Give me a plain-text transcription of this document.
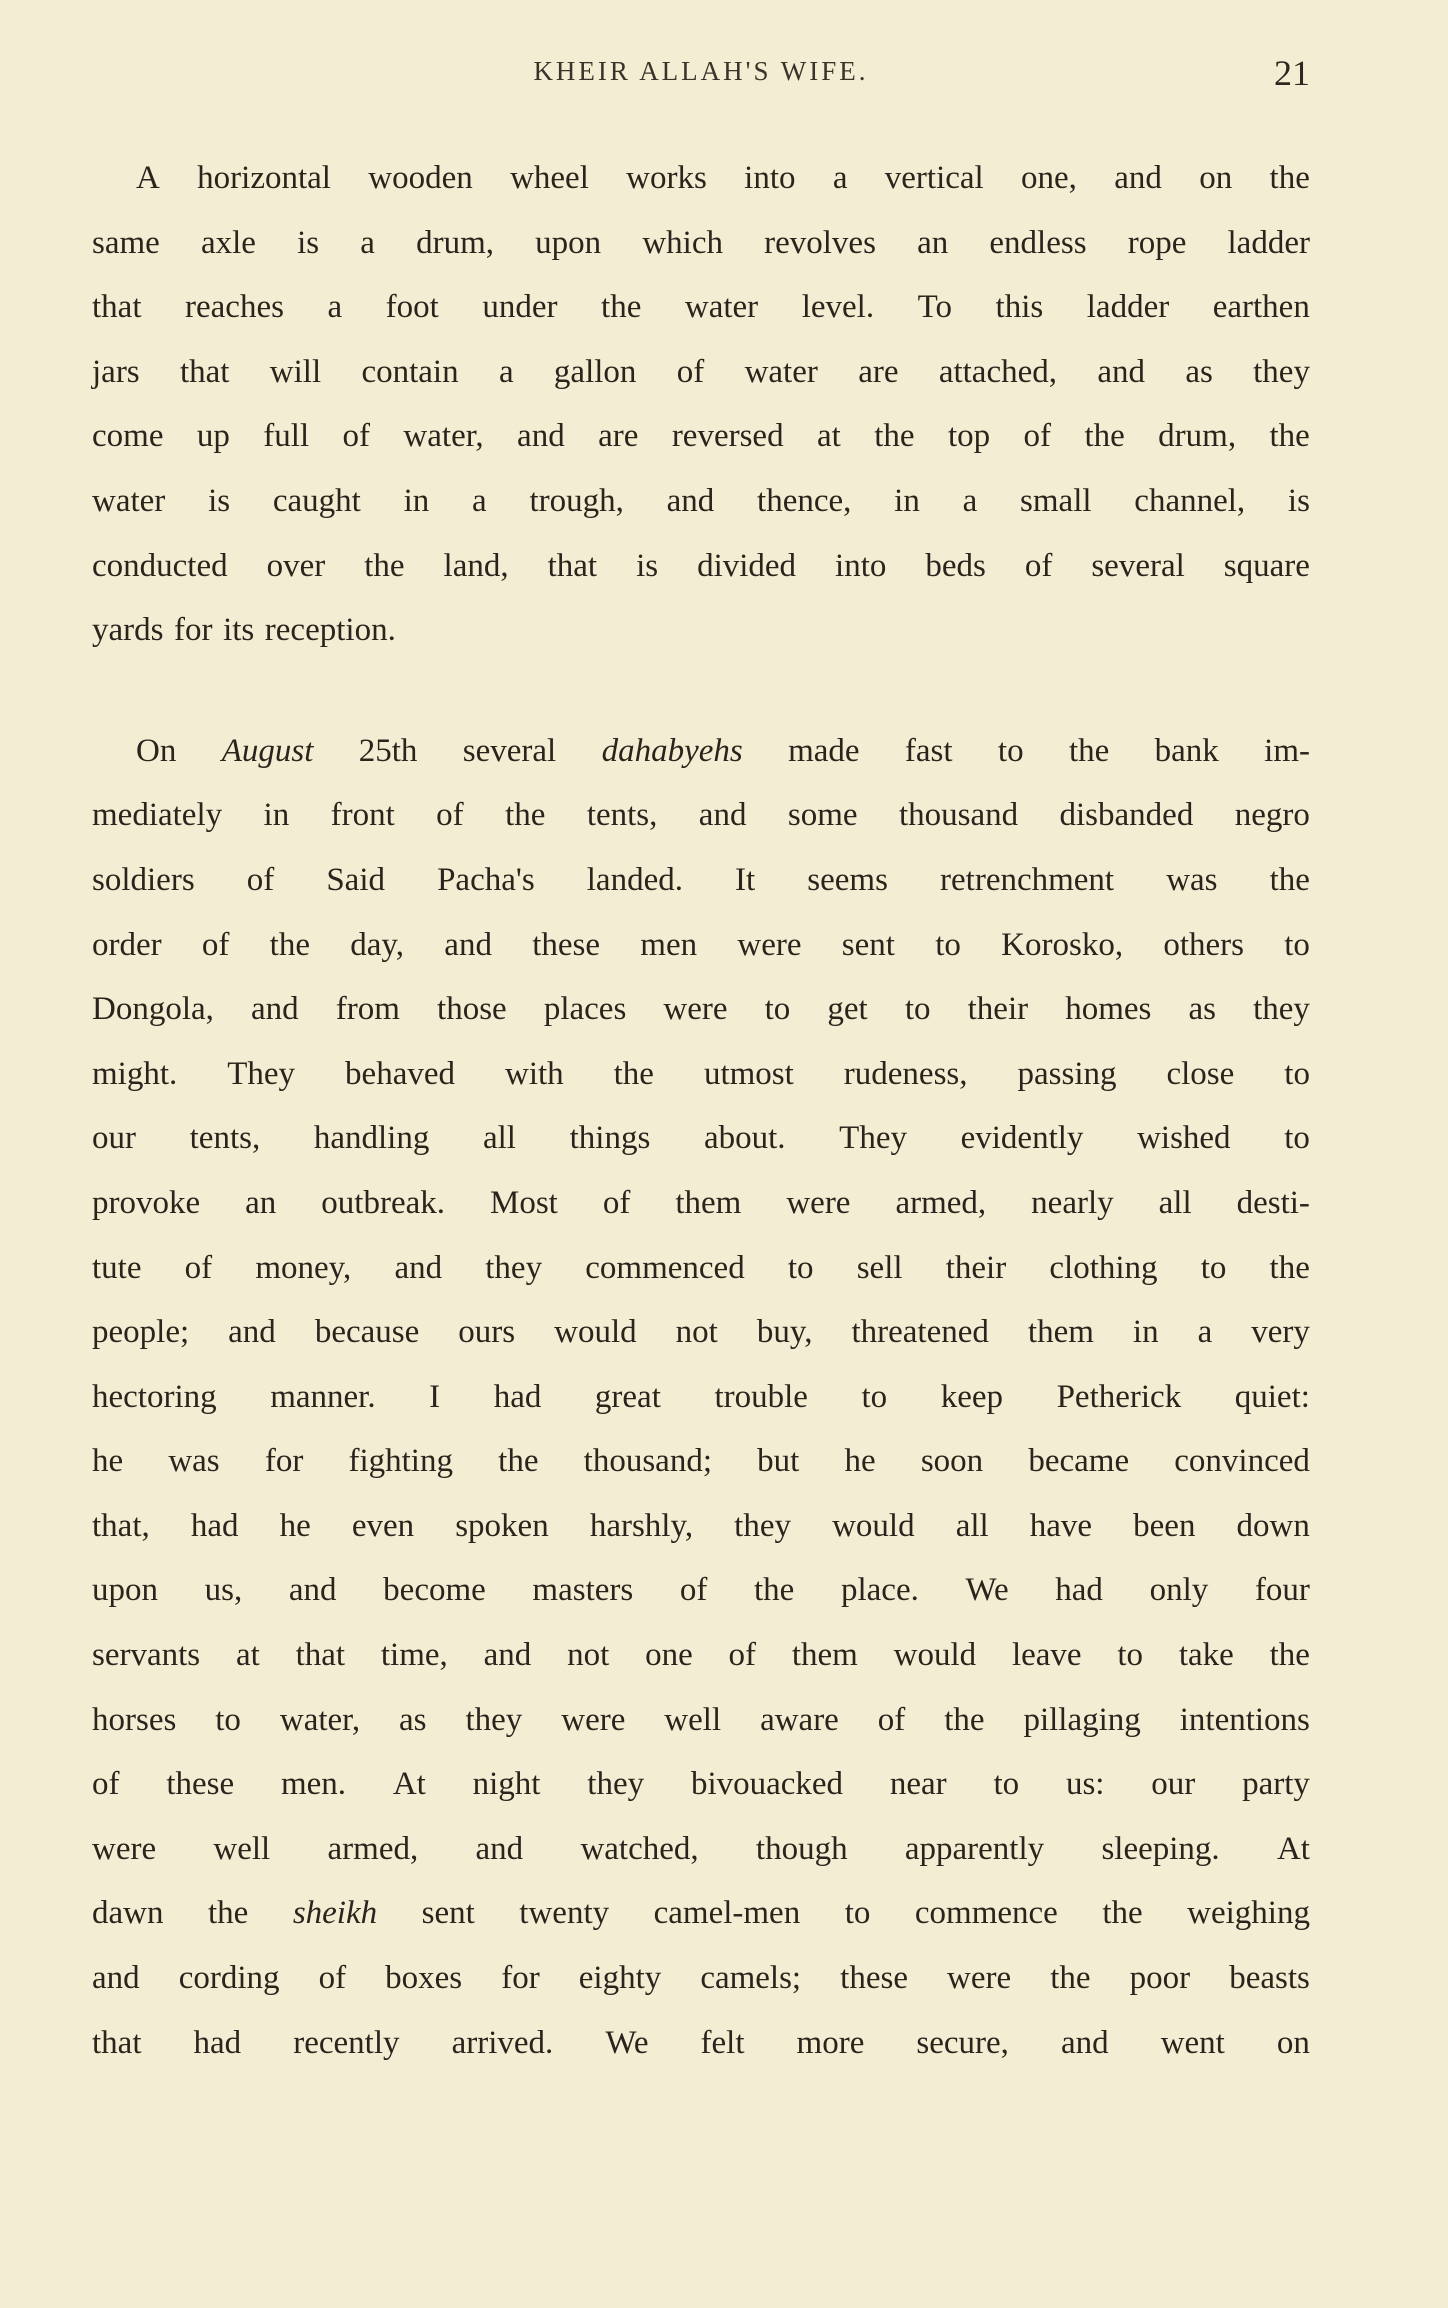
KHEIR ALLAH'S WIFE.	21
A horizontal wooden wheel works into a vertical one, and on the
same axle is a drum, upon which revolves an endless rope ladder
that reaches a foot under the water level. To this ladder earthen
jars that will contain a gallon of water are attached, and as they
come up full of water, and are reversed at the top of the drum, the
water is caught in a trough, and thence, in a small channel, is
conducted over the land, that is divided into beds of several square
yards for its reception.
On August 25th several dahabyehs made fast to the bank im-
mediately in front of the tents, and some thousand disbanded negro
soldiers of Said Pacha's landed. It seems retrenchment was the
order of the day, and these men were sent to Korosko, others to
Dongola, and from those places were to get to their homes as they
might. They behaved with the utmost rudeness, passing close to
our tents, handling all things about. They evidently wished to
provoke an outbreak. Most of them were armed, nearly all desti-
tute of money, and they commenced to sell their clothing to the
people; and because ours would not buy, threatened them in a very
hectoring manner. I had great trouble to keep Petherick quiet:
he was for fighting the thousand; but he soon became convinced
that, had he even spoken harshly, they would all have been down
upon us, and become masters of the place. We had only four
servants at that time, and not one of them would leave to take the
horses to water, as they were well aware of the pillaging intentions
of these men. At night they bivouacked near to us: our party
were well armed, and watched, though apparently sleeping. At
dawn the sheikh sent twenty camel-men to commence the weighing
and cording of boxes for eighty camels; these were the poor beasts
that had recently arrived. We felt more secure, and went on
